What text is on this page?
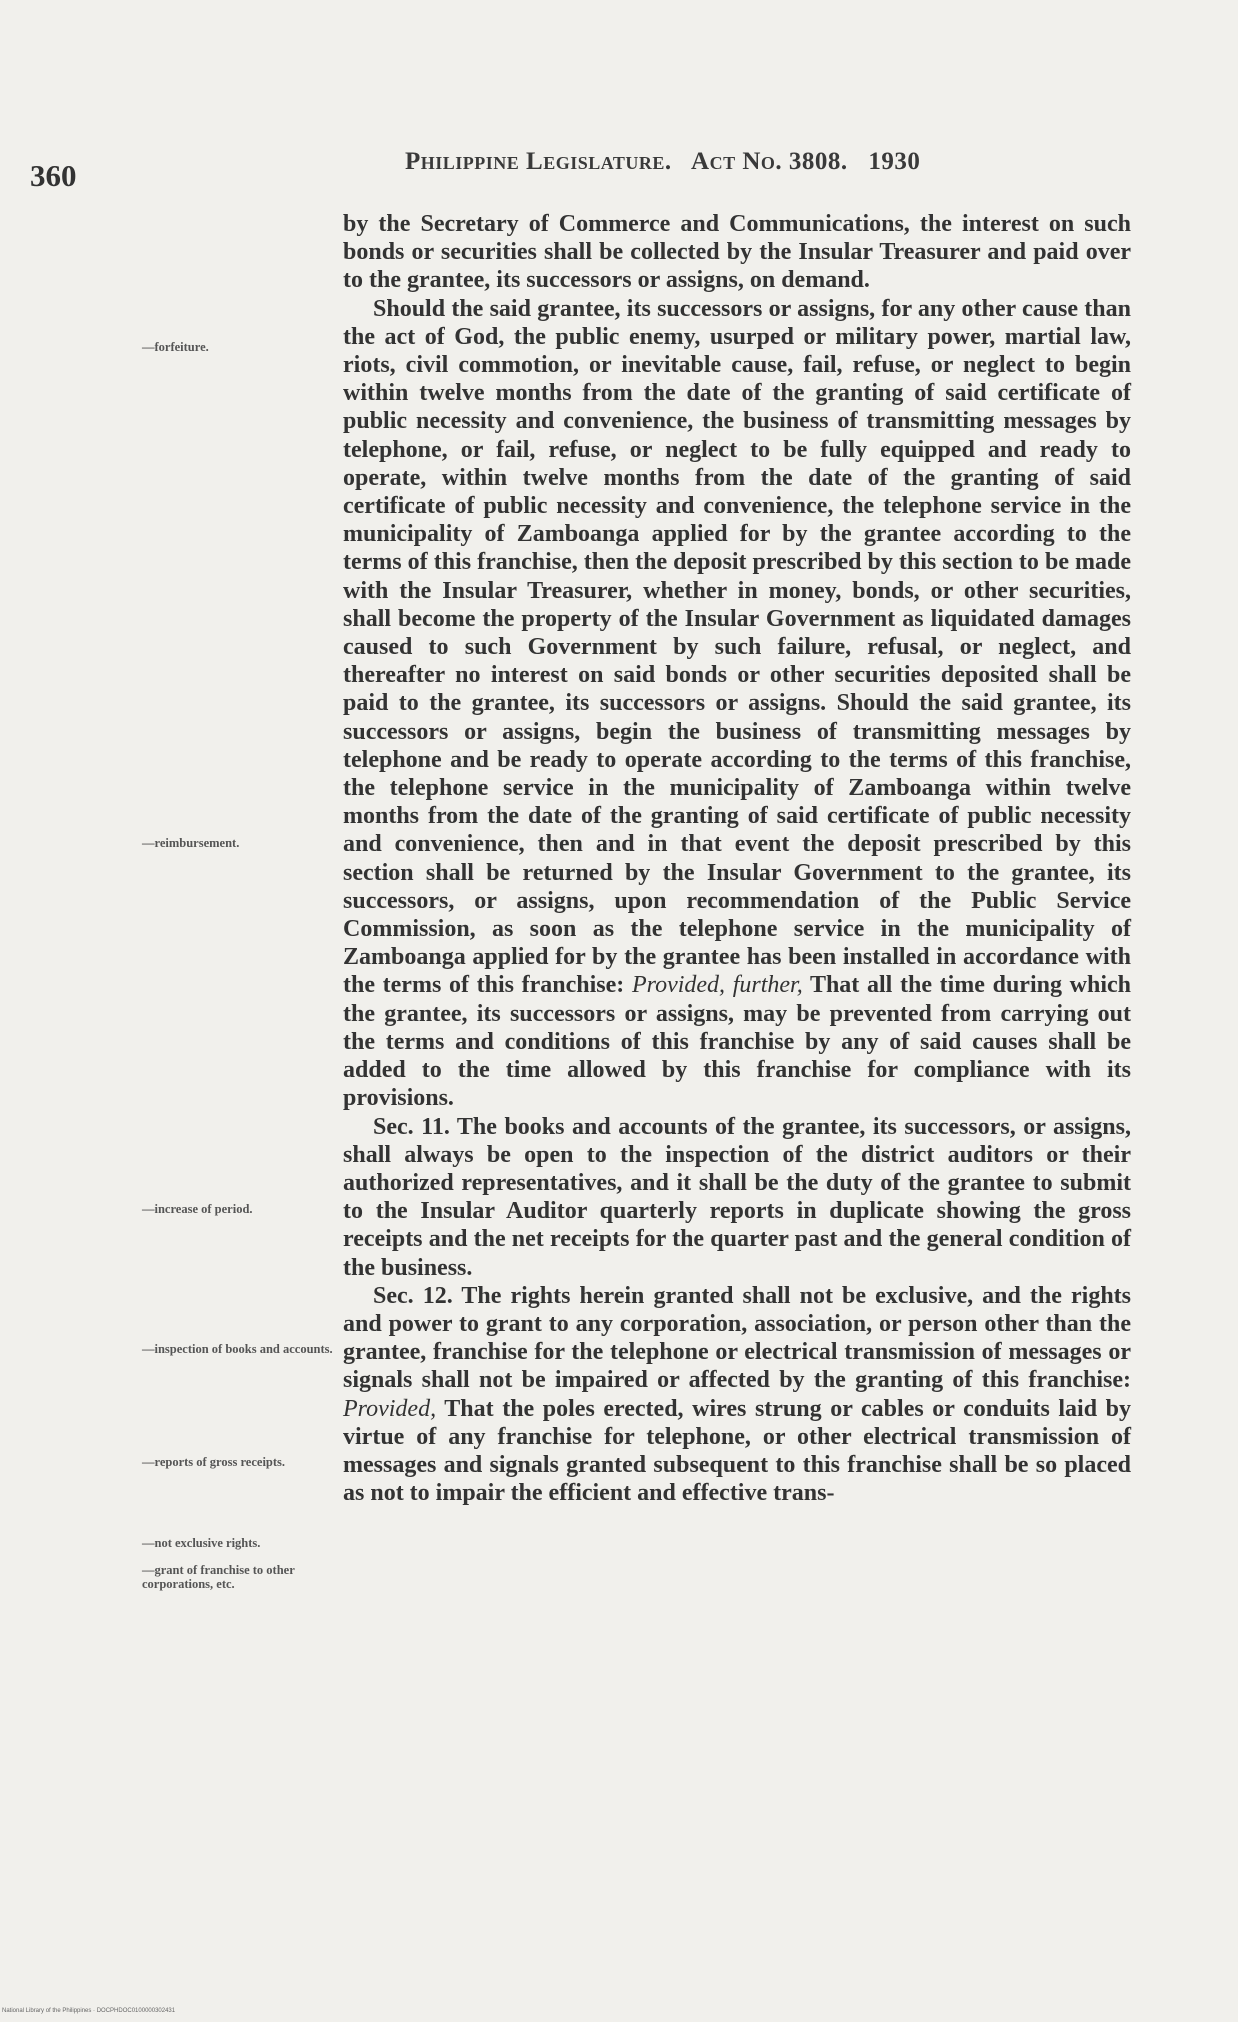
360	Philippine Legislature. Act No. 3808. 1930
—forfeiture.
—reimbursement.
—increase of period.
—inspection of books and accounts.
—reports of gross receipts.
—not exclusive rights.
—grant of franchise to other corporations, etc.

by the Secretary of Commerce and Communications, the interest on such bonds or securities shall be collected by the Insular Treasurer and paid over to the grantee, its successors or assigns, on demand.

Should the said grantee, its successors or assigns, for any other cause than the act of God, the public enemy, usurped or military power, martial law, riots, civil commotion, or inevitable cause, fail, refuse, or neglect to begin within twelve months from the date of the granting of said certificate of public necessity and convenience, the business of transmitting messages by telephone, or fail, refuse, or neglect to be fully equipped and ready to operate, within twelve months from the date of the granting of said certificate of public necessity and convenience, the telephone service in the municipality of Zamboanga applied for by the grantee according to the terms of this franchise, then the deposit prescribed by this section to be made with the Insular Treasurer, whether in money, bonds, or other securities, shall become the property of the Insular Government as liquidated damages caused to such Government by such failure, refusal, or neglect, and thereafter no interest on said bonds or other securities deposited shall be paid to the grantee, its successors or assigns. Should the said grantee, its successors or assigns, begin the business of transmitting messages by telephone and be ready to operate according to the terms of this franchise, the telephone service in the municipality of Zamboanga within twelve months from the date of the granting of said certificate of public necessity and convenience, then and in that event the deposit prescribed by this section shall be returned by the Insular Government to the grantee, its successors, or assigns, upon recommendation of the Public Service Commission, as soon as the telephone service in the municipality of Zamboanga applied for by the grantee has been installed in accordance with the terms of this franchise: Provided, further, That all the time during which the grantee, its successors or assigns, may be prevented from carrying out the terms and conditions of this franchise by any of said causes shall be added to the time allowed by this franchise for compliance with its provisions.

Sec. 11. The books and accounts of the grantee, its successors, or assigns, shall always be open to the inspection of the district auditors or their authorized representatives, and it shall be the duty of the grantee to submit to the Insular Auditor quarterly reports in duplicate showing the gross receipts and the net receipts for the quarter past and the general condition of the business.

Sec. 12. The rights herein granted shall not be exclusive, and the rights and power to grant to any corporation, association, or person other than the grantee, franchise for the telephone or electrical transmission of messages or signals shall not be impaired or affected by the granting of this franchise: Provided, That the poles erected, wires strung or cables or conduits laid by virtue of any franchise for telephone, or other electrical transmission of messages and signals granted subsequent to this franchise shall be so placed as not to impair the efficient and effective trans-

National Library of the Philippines · DOCPHDOC0100000302431
